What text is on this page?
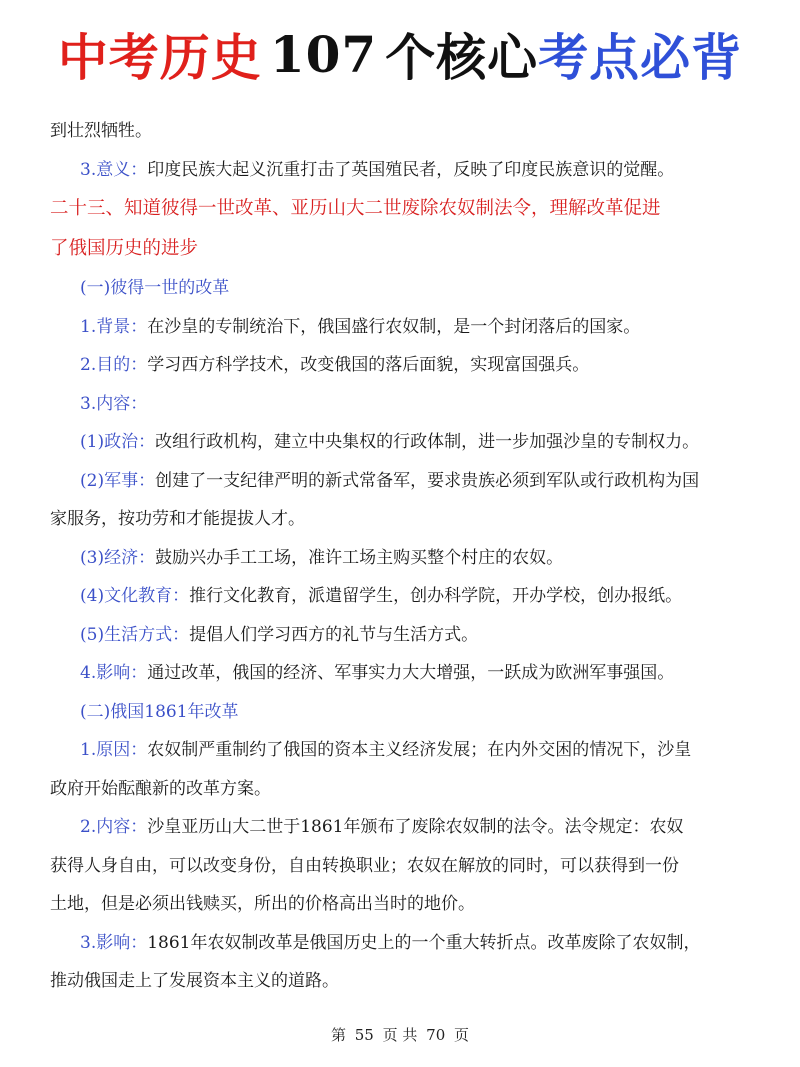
中考历史 107 个核心 考点必背
到壮烈牺牲。
3.意义：印度民族大起义沉重打击了英国殖民者，反映了印度民族意识的觉醒。
二十三、知道彼得一世改革、亚历山大二世废除农奴制法令，理解改革促进
了俄国历史的进步
(一)彼得一世的改革
1.背景：在沙皇的专制统治下，俄国盛行农奴制，是一个封闭落后的国家。
2.目的：学习西方科学技术，改变俄国的落后面貌，实现富国强兵。
3.内容：
(1)政治：改组行政机构，建立中央集权的行政体制，进一步加强沙皇的专制权力。
(2)军事：创建了一支纪律严明的新式常备军，要求贵族必须到军队或行政机构为国
家服务，按功劳和才能提拔人才。
(3)经济：鼓励兴办手工工场，准许工场主购买整个村庄的农奴。
(4)文化教育：推行文化教育，派遣留学生，创办科学院，开办学校，创办报纸。
(5)生活方式：提倡人们学习西方的礼节与生活方式。
4.影响：通过改革，俄国的经济、军事实力大大增强，一跃成为欧洲军事强国。
(二)俄国1861年改革
1.原因：农奴制严重制约了俄国的资本主义经济发展；在内外交困的情况下，沙皇
政府开始酝酿新的改革方案。
2.内容：沙皇亚历山大二世于1861年颁布了废除农奴制的法令。法令规定：农奴
获得人身自由，可以改变身份，自由转换职业；农奴在解放的同时，可以获得到一份
土地，但是必须出钱赎买，所出的价格高出当时的地价。
3.影响：1861年农奴制改革是俄国历史上的一个重大转折点。改革废除了农奴制，
推动俄国走上了发展资本主义的道路。
第 55 页 共 70 页
